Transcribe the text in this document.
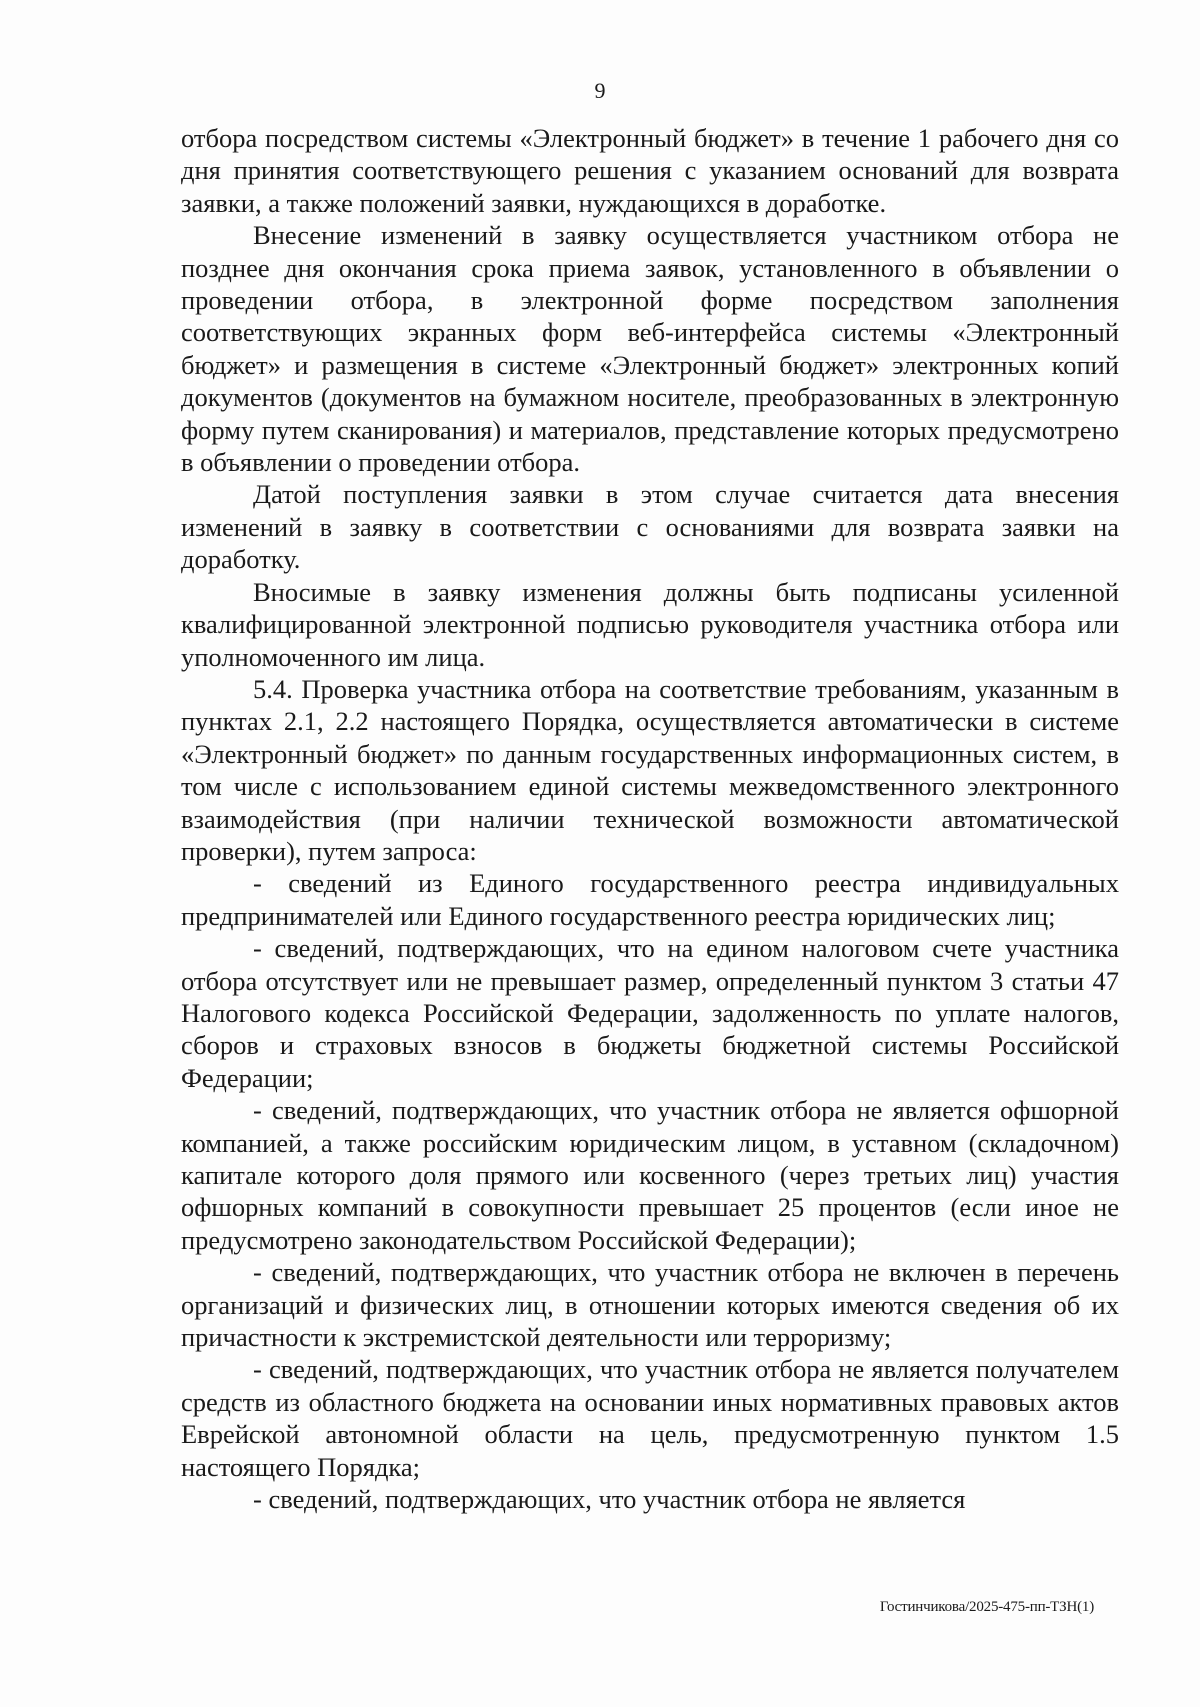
9

отбора посредством системы «Электронный бюджет» в течение 1 рабочего дня со дня принятия соответствующего решения с указанием оснований для возврата заявки, а также положений заявки, нуждающихся в доработке.

Внесение изменений в заявку осуществляется участником отбора не позднее дня окончания срока приема заявок, установленного в объявлении о проведении отбора, в электронной форме посредством заполнения соответствующих экранных форм веб-интерфейса системы «Электронный бюджет» и размещения в системе «Электронный бюджет» электронных копий документов (документов на бумажном носителе, преобразованных в электронную форму путем сканирования) и материалов, представление которых предусмотрено в объявлении о проведении отбора.

Датой поступления заявки в этом случае считается дата внесения изменений в заявку в соответствии с основаниями для возврата заявки на доработку.

Вносимые в заявку изменения должны быть подписаны усиленной квалифицированной электронной подписью руководителя участника отбора или уполномоченного им лица.

5.4. Проверка участника отбора на соответствие требованиям, указанным в пунктах 2.1, 2.2 настоящего Порядка, осуществляется автоматически в системе «Электронный бюджет» по данным государственных информационных систем, в том числе с использованием единой системы межведомственного электронного взаимодействия (при наличии технической возможности автоматической проверки), путем запроса:

- сведений из Единого государственного реестра индивидуальных предпринимателей или Единого государственного реестра юридических лиц;

- сведений, подтверждающих, что на едином налоговом счете участника отбора отсутствует или не превышает размер, определенный пунктом 3 статьи 47 Налогового кодекса Российской Федерации, задолженность по уплате налогов, сборов и страховых взносов в бюджеты бюджетной системы Российской Федерации;

- сведений, подтверждающих, что участник отбора не является офшорной компанией, а также российским юридическим лицом, в уставном (складочном) капитале которого доля прямого или косвенного (через третьих лиц) участия офшорных компаний в совокупности превышает 25 процентов (если иное не предусмотрено законодательством Российской Федерации);

- сведений, подтверждающих, что участник отбора не включен в перечень организаций и физических лиц, в отношении которых имеются сведения об их причастности к экстремистской деятельности или терроризму;

- сведений, подтверждающих, что участник отбора не является получателем средств из областного бюджета на основании иных нормативных правовых актов Еврейской автономной области на цель, предусмотренную пунктом 1.5 настоящего Порядка;

- сведений, подтверждающих, что участник отбора не является

Гостинчикова/2025-475-пп-ТЗН(1)
